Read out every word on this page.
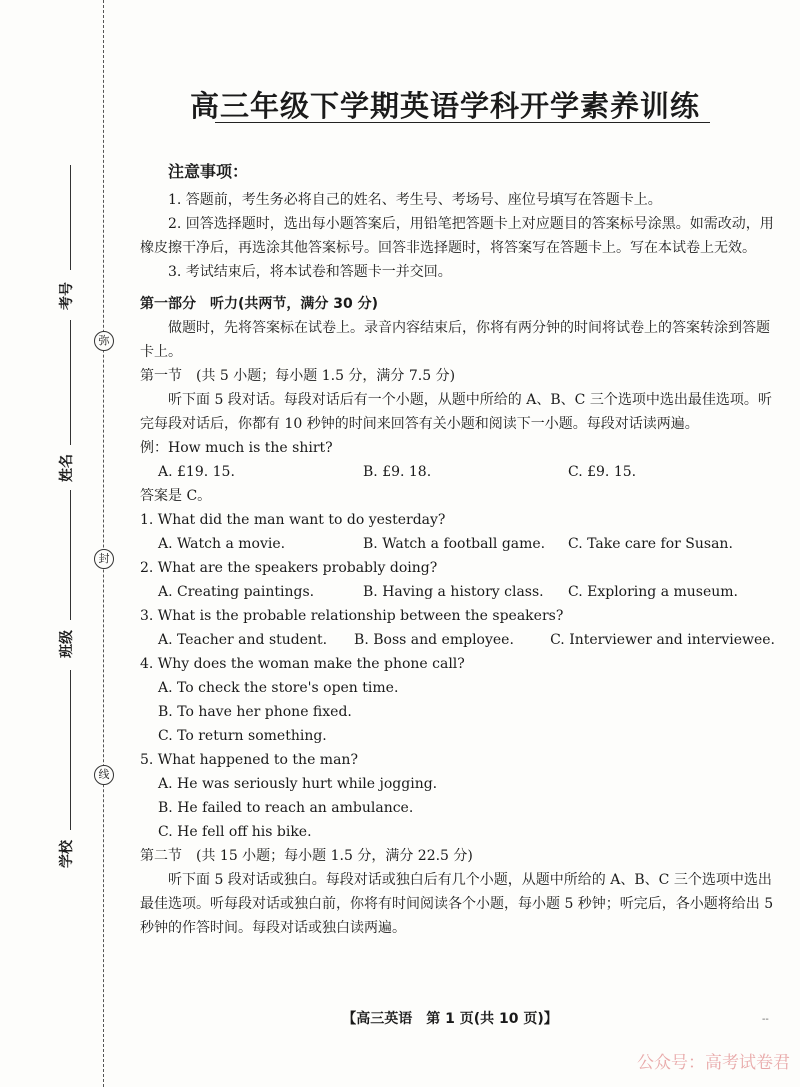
考号
姓名
班级
学校
弥
封
线
高三年级下学期英语学科开学素养训练
注意事项：

1. 答题前，考生务必将自己的姓名、考生号、考场号、座位号填写在答题卡上。

2. 回答选择题时，选出每小题答案后，用铅笔把答题卡上对应题目的答案标号涂黑。如需改动，用橡皮擦干净后，再选涂其他答案标号。回答非选择题时，将答案写在答题卡上。写在本试卷上无效。

3. 考试结束后，将本试卷和答题卡一并交回。

第一部分　听力(共两节，满分 30 分)

做题时，先将答案标在试卷上。录音内容结束后，你将有两分钟的时间将试卷上的答案转涂到答题卡上。

第一节　(共 5 小题；每小题 1.5 分，满分 7.5 分)

听下面 5 段对话。每段对话后有一个小题，从题中所给的 A、B、C 三个选项中选出最佳选项。听完每段对话后，你都有 10 秒钟的时间来回答有关小题和阅读下一小题。每段对话读两遍。

例：How much is the shirt?

A. £19. 15.	B. £9. 18.	C. £9. 15.

答案是 C。

1. What did the man want to do yesterday?

A. Watch a movie.	B. Watch a football game.	C. Take care for Susan.

2. What are the speakers probably doing?

A. Creating paintings.	B. Having a history class.	C. Exploring a museum.

3. What is the probable relationship between the speakers?

A. Teacher and student.	B. Boss and employee.	C. Interviewer and interviewee.

4. Why does the woman make the phone call?

A. To check the store's open time.

B. To have her phone fixed.

C. To return something.

5. What happened to the man?

A. He was seriously hurt while jogging.

B. He failed to reach an ambulance.

C. He fell off his bike.

第二节　(共 15 小题；每小题 1.5 分，满分 22.5 分)

听下面 5 段对话或独白。每段对话或独白后有几个小题，从题中所给的 A、B、C 三个选项中选出最佳选项。听每段对话或独白前，你将有时间阅读各个小题，每小题 5 秒钟；听完后，各小题将给出 5 秒钟的作答时间。每段对话或独白读两遍。

【高三英语　第 1 页(共 10 页)】	--
公众号：高考试卷君
